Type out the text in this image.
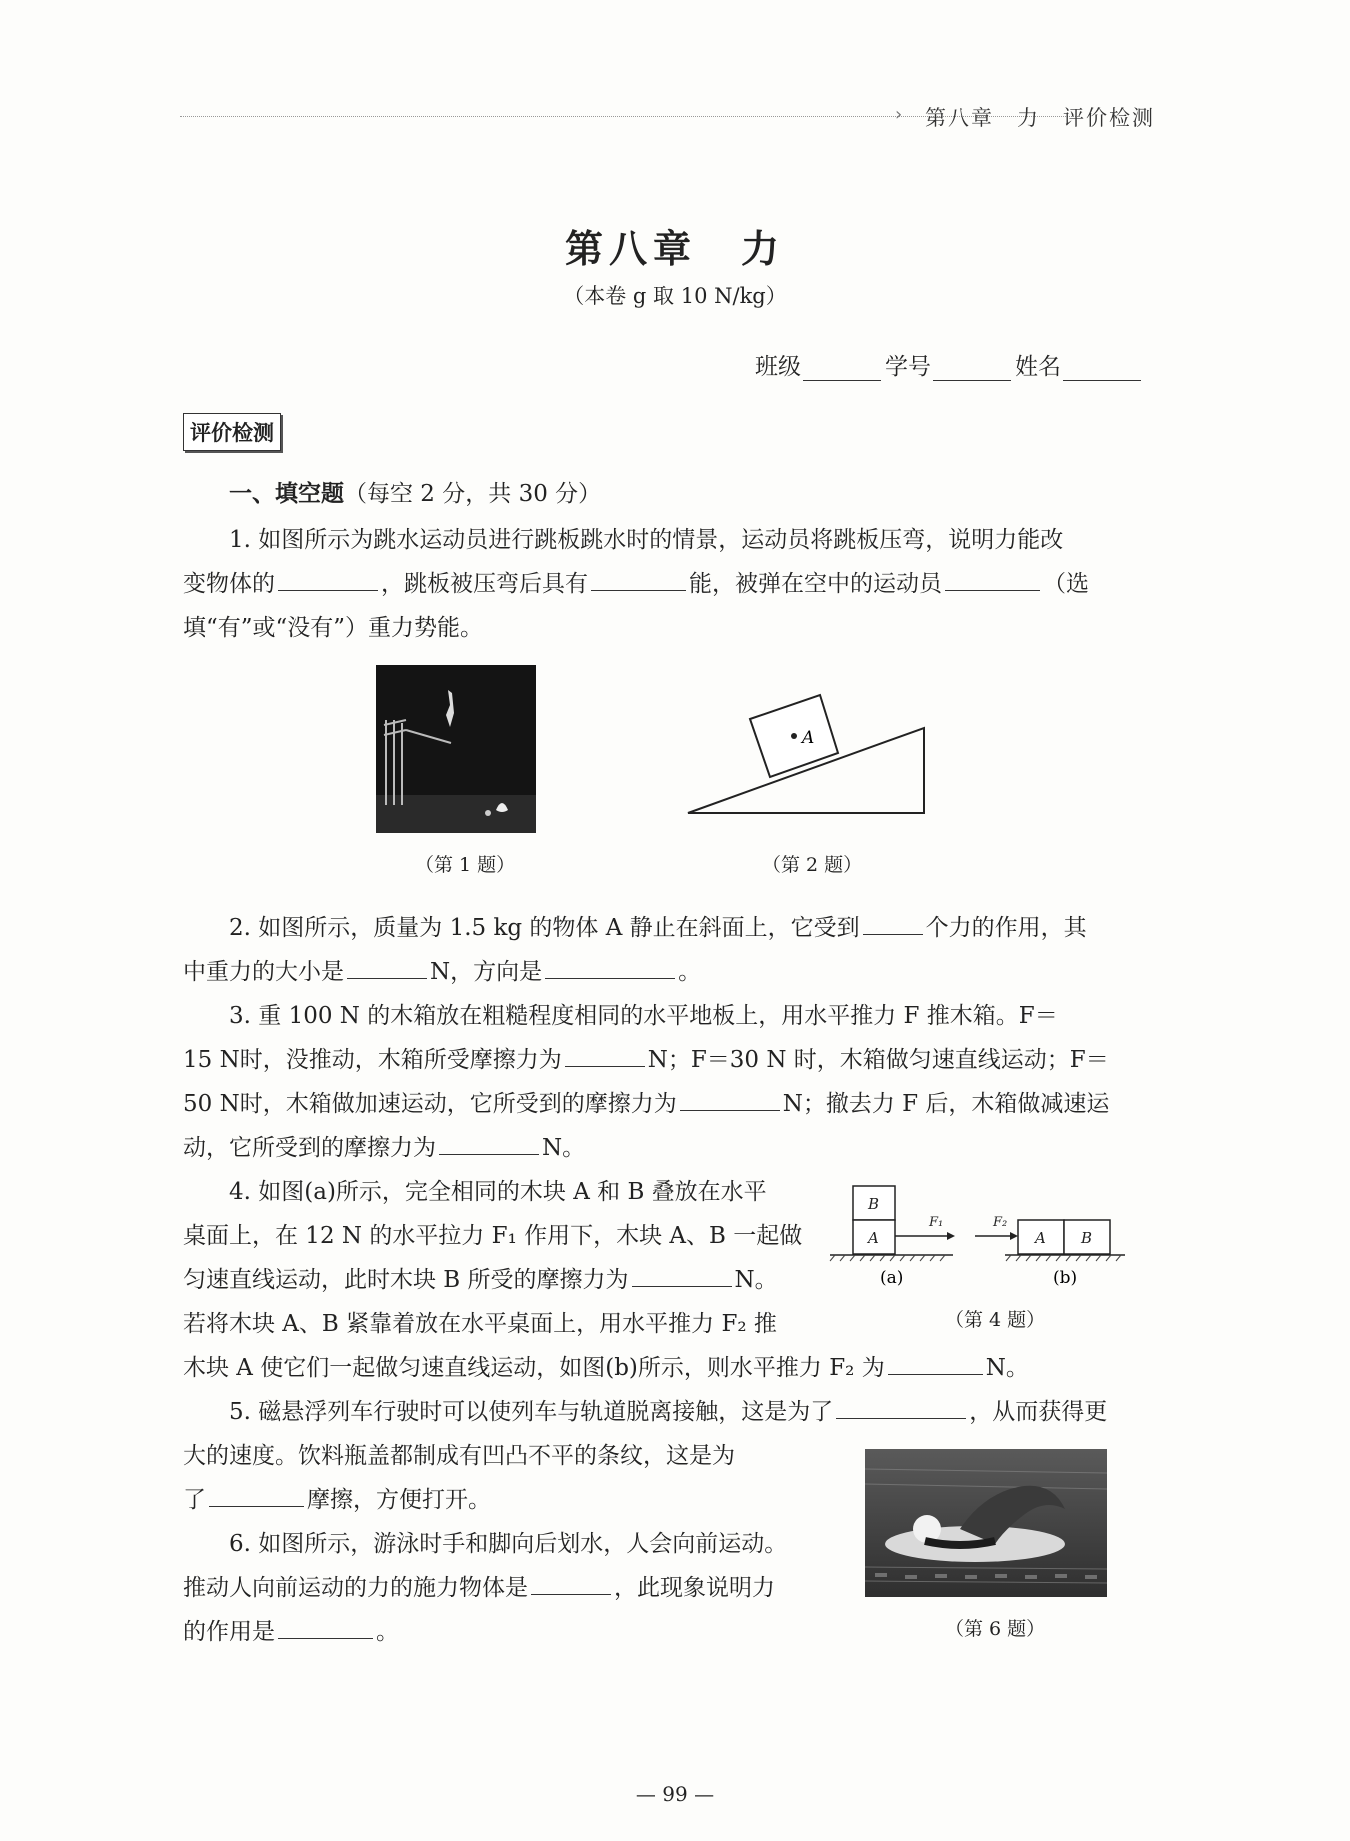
› 第八章　力　评价检测
第八章　力
（本卷 g 取 10 N/kg）
班级	学号	姓名
评价检测
一、填空题（每空 2 分，共 30 分）
1. 如图所示为跳水运动员进行跳板跳水时的情景，运动员将跳板压弯，说明力能改
变物体的	，跳板被压弯后具有	能，被弹在空中的运动员	（选
填“有”或“没有”）重力势能。
（第 1 题）
A
（第 2 题）
2. 如图所示，质量为 1.5 kg 的物体 A 静止在斜面上，它受到	个力的作用，其
中重力的大小是	N，方向是	。
3. 重 100 N 的木箱放在粗糙程度相同的水平地板上，用水平推力 F 推木箱。F＝
15 N时，没推动，木箱所受摩擦力为	N；F＝30 N 时，木箱做匀速直线运动；F＝
50 N时，木箱做加速运动，它所受到的摩擦力为	N；撤去力 F 后，木箱做减速运
动，它所受到的摩擦力为	N。
4. 如图(a)所示，完全相同的木块 A 和 B 叠放在水平
桌面上，在 12 N 的水平拉力 F₁ 作用下，木块 A、B 一起做
匀速直线运动，此时木块 B 所受的摩擦力为	N。
若将木块 A、B 紧靠着放在水平桌面上，用水平推力 F₂ 推
木块 A 使它们一起做匀速直线运动，如图(b)所示，则水平推力 F₂ 为	N。
B
A
F₁	F₂
A B
(a)	(b)
（第 4 题）
5. 磁悬浮列车行驶时可以使列车与轨道脱离接触，这是为了	，从而获得更
大的速度。饮料瓶盖都制成有凹凸不平的条纹，这是为
了	摩擦，方便打开。
6. 如图所示，游泳时手和脚向后划水，人会向前运动。
推动人向前运动的力的施力物体是	，此现象说明力
的作用是	。	（第 6 题）
— 99 —
